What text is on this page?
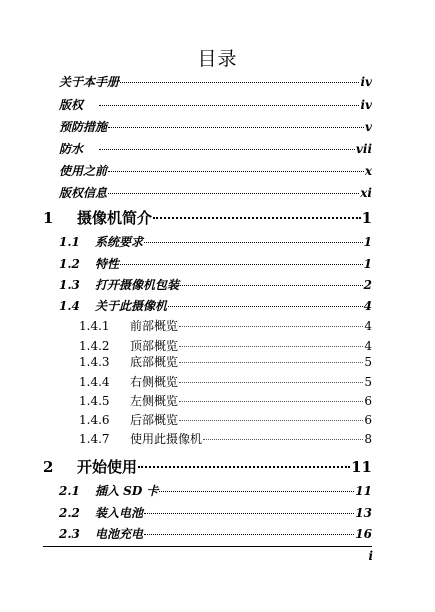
目录
关于本手册	iv
版权	iv
预防措施	v
防水	vii
使用之前	x
版权信息	xi
1	摄像机简介	1
1.1	系统要求	1
1.2	特性	1
1.3	打开摄像机包装	2
1.4	关于此摄像机	4
1.4.1	前部概览	4
1.4.2	顶部概览	4
1.4.3	底部概览	5
1.4.4	右侧概览	5
1.4.5	左侧概览	6
1.4.6	后部概览	6
1.4.7	使用此摄像机	8
2	开始使用	11
2.1	插入 SD 卡	11
2.2	装入电池	13
2.3	电池充电	16
i
